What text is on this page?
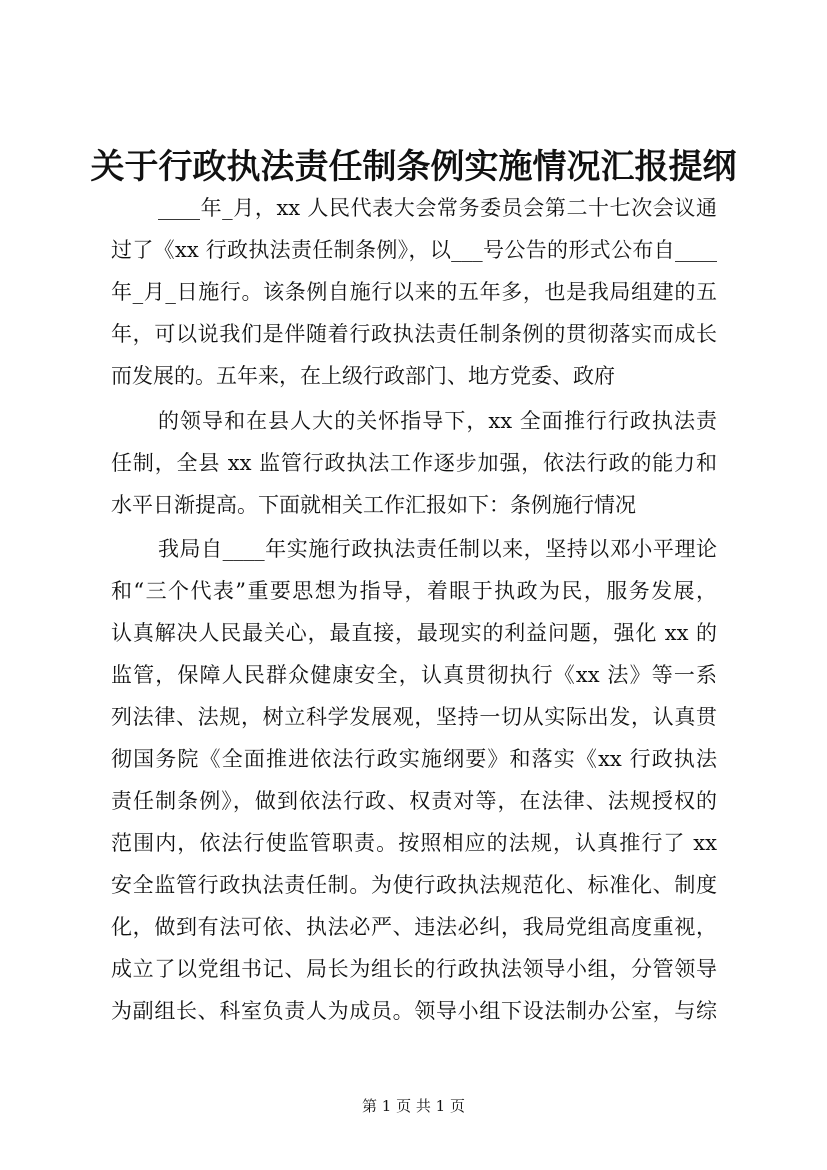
关于行政执法责任制条例实施情况汇报提纲
____年_月，xx 人民代表大会常务委员会第二十七次会议通
过了《xx 行政执法责任制条例》，以___号公告的形式公布自____
年_月_日施行。该条例自施行以来的五年多，也是我局组建的五
年，可以说我们是伴随着行政执法责任制条例的贯彻落实而成长
而发展的。五年来，在上级行政部门、地方党委、政府
的领导和在县人大的关怀指导下，xx 全面推行行政执法责
任制，全县 xx 监管行政执法工作逐步加强，依法行政的能力和
水平日渐提高。下面就相关工作汇报如下：条例施行情况
我局自____年实施行政执法责任制以来，坚持以邓小平理论
和“三个代表”重要思想为指导，着眼于执政为民，服务发展，
认真解决人民最关心，最直接，最现实的利益问题，强化 xx 的
监管，保障人民群众健康安全，认真贯彻执行《xx 法》等一系
列法律、法规，树立科学发展观，坚持一切从实际出发，认真贯
彻国务院《全面推进依法行政实施纲要》和落实《xx 行政执法
责任制条例》，做到依法行政、权责对等，在法律、法规授权的
范围内，依法行使监管职责。按照相应的法规，认真推行了 xx
安全监管行政执法责任制。为使行政执法规范化、标准化、制度
化，做到有法可依、执法必严、违法必纠，我局党组高度重视，
成立了以党组书记、局长为组长的行政执法领导小组，分管领导
为副组长、科室负责人为成员。领导小组下设法制办公室，与综
第 1 页 共 1 页
